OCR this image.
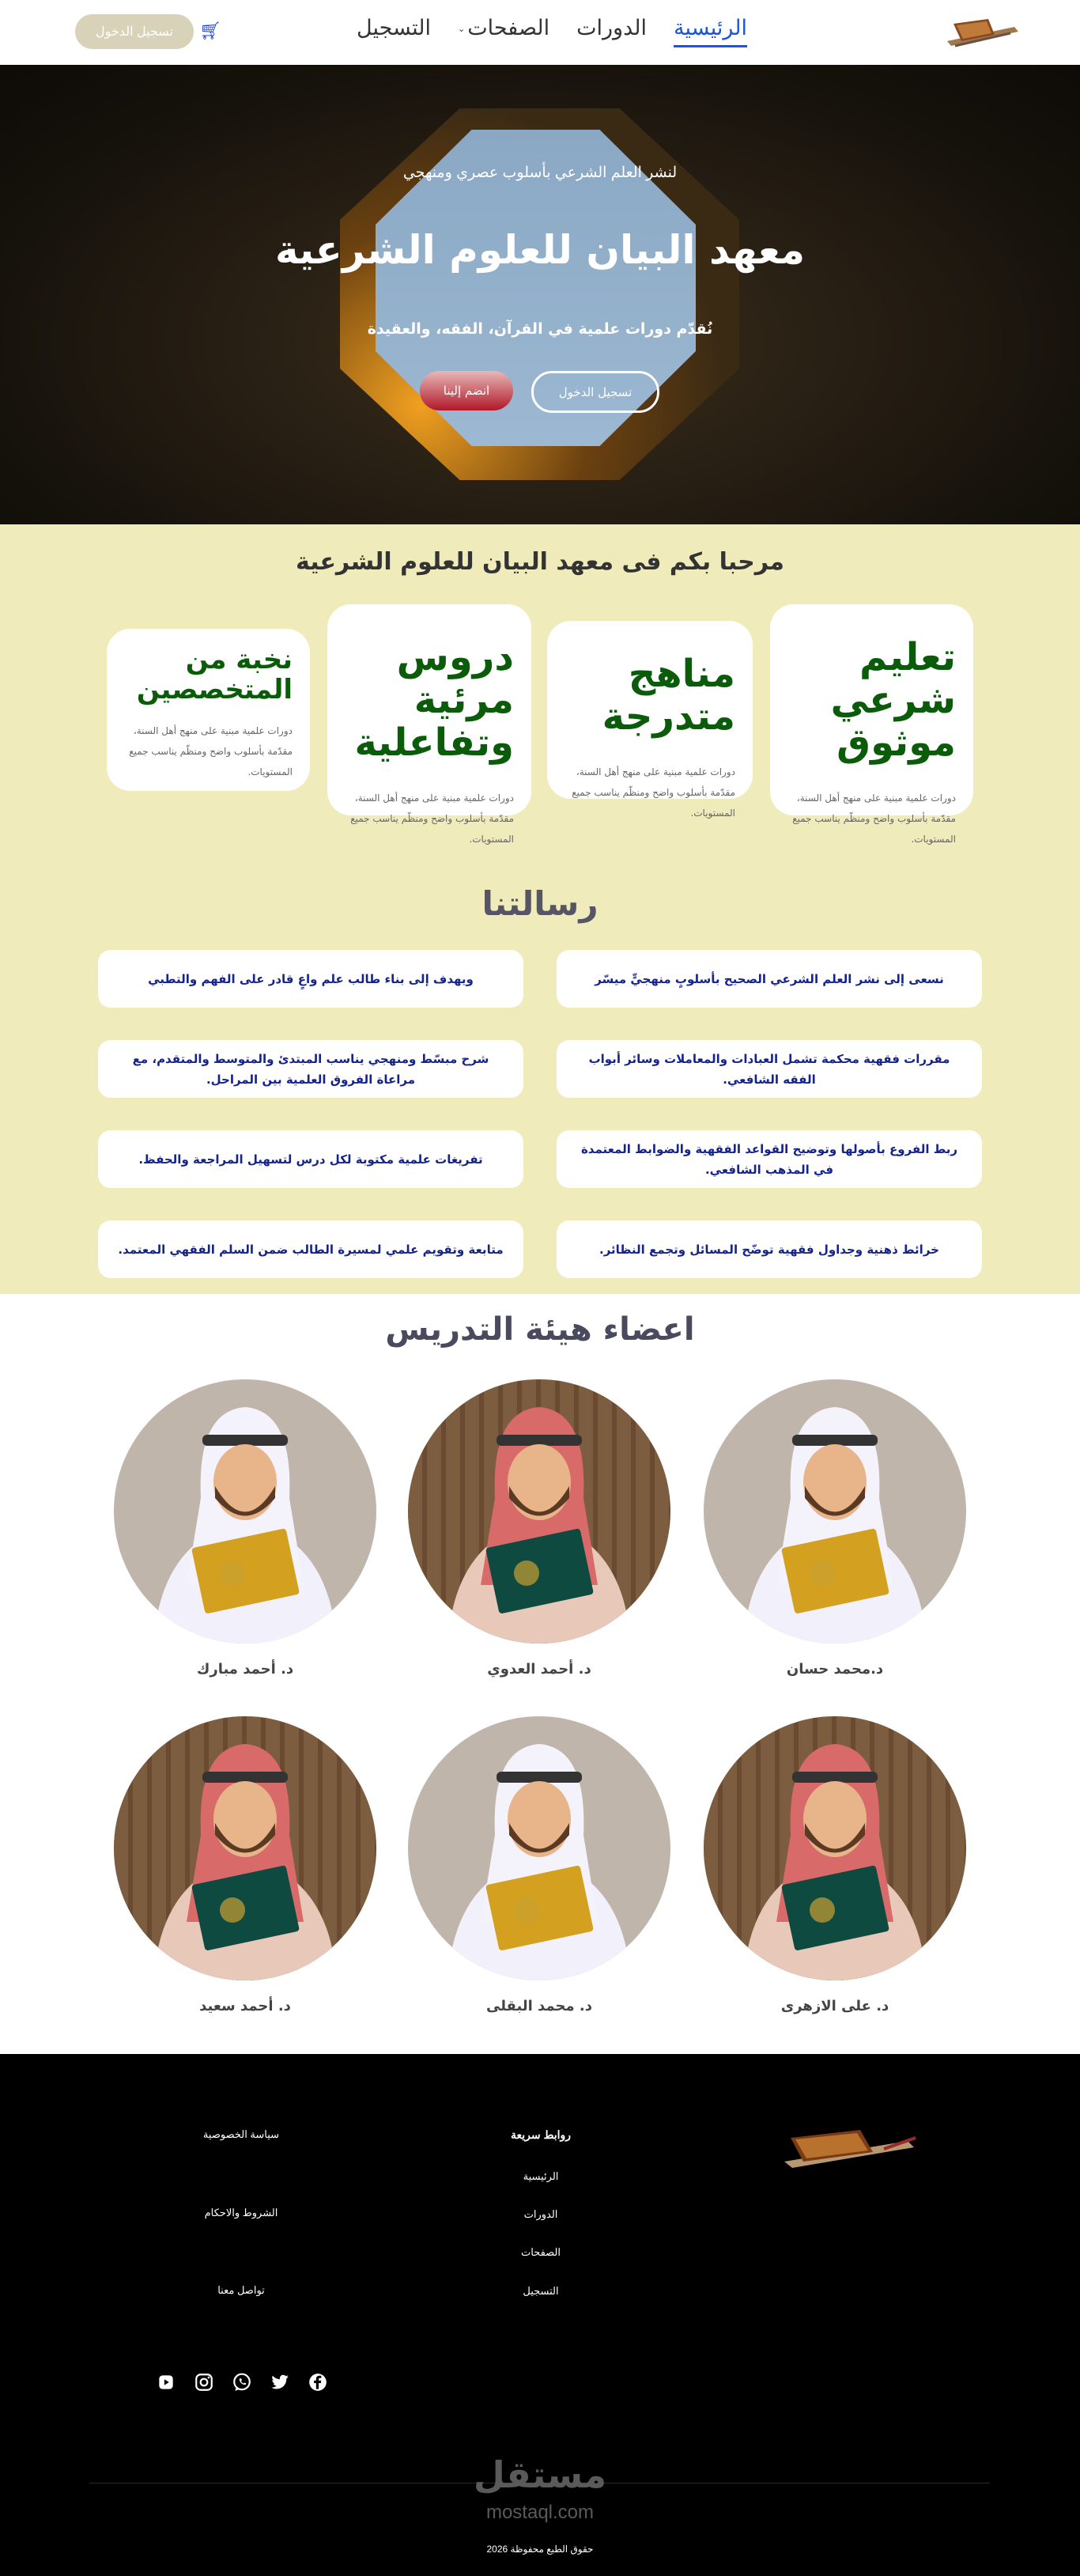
الرئيسية
الدورات
الصفحات⌄
التسجيل
🛒︎
تسجيل الدخول
لنشر العلم الشرعي بأسلوب عصري ومنهجي
معهد البيان للعلوم الشرعية
نُقدّم دورات علمية في القرآن، الفقه، والعقيدة
انضم إلينا	تسجيل الدخول
مرحبا بكم فى معهد البيان للعلوم الشرعية
تعليم شرعي موثوق

دورات علمية مبنية على منهج أهل السنة، مقدّمة بأسلوب واضح ومنظّم يناسب جميع المستويات.

مناهج متدرجة

دورات علمية مبنية على منهج أهل السنة، مقدّمة بأسلوب واضح ومنظّم يناسب جميع المستويات.

دروس مرئية وتفاعلية

دورات علمية مبنية على منهج أهل السنة، مقدّمة بأسلوب واضح ومنظّم يناسب جميع المستويات.

نخبة من المتخصصين

دورات علمية مبنية على منهج أهل السنة، مقدّمة بأسلوب واضح ومنظّم يناسب جميع المستويات.

رسالتنا
نسعى إلى نشر العلم الشرعي الصحيح بأسلوبٍ منهجيٍّ ميسّر
ويهدف إلى بناء طالب علم واعٍ قادر على الفهم والتطبي
مقررات فقهية محكمة تشمل العبادات والمعاملات وسائر أبواب الفقه الشافعي.
شرح مبسّط ومنهجي يناسب المبتدئ والمتوسط والمتقدم، مع مراعاة الفروق العلمية بين المراحل.
ربط الفروع بأصولها وتوضيح القواعد الفقهية والضوابط المعتمدة في المذهب الشافعي.
تفريغات علمية مكتوبة لكل درس لتسهيل المراجعة والحفظ.
خرائط ذهنية وجداول فقهية توضّح المسائل وتجمع النظائر.
متابعة وتقويم علمي لمسيرة الطالب ضمن السلم الفقهي المعتمد.
اعضاء هيئة التدريس
د.محمد حسان
د. أحمد العدوي
د. أحمد مبارك
د. على الازهرى
د. محمد البقلى
د. أحمد سعيد
روابط سريعة
الرئيسية
الدورات
الصفحات
التسجيل
سياسة الخصوصية
الشروط والاحكام
تواصل معنا
مستقل
mostaql.com
حقوق الطبع محفوظة 2026
